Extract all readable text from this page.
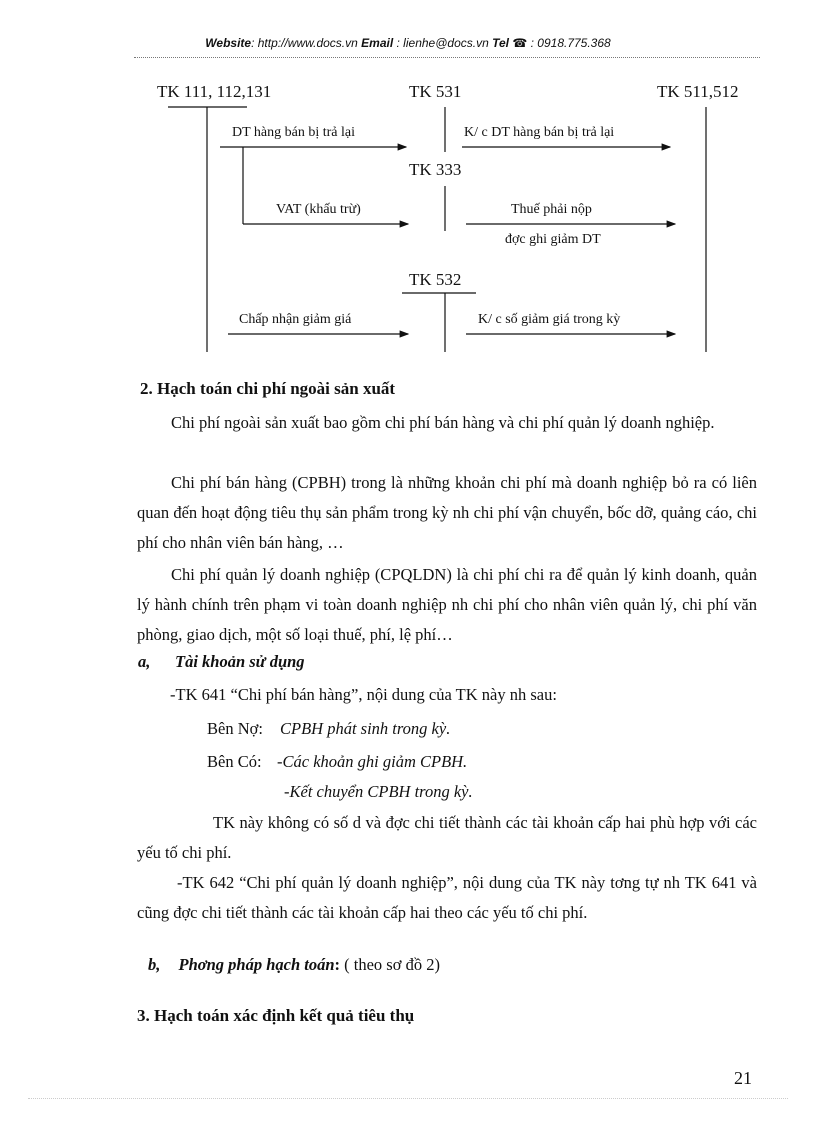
Website: http://www.docs.vn Email : lienhe@docs.vn Tel ☎ : 0918.775.368
TK 111, 112,131	TK 531	TK 511,512
TK 333
TK 532
DT hàng bán bị trả lại	K/ c DT hàng bán bị trả lại
VAT (khấu trừ)	Thuế phải nộp
đợc ghi giảm DT
Chấp nhận giảm giá	K/ c số giảm giá trong kỳ
2. Hạch toán chi phí ngoài sản xuất
Chi phí ngoài sản xuất bao gồm chi phí bán hàng và chi phí quản lý doanh nghiệp.
Chi phí bán hàng (CPBH) trong là những khoản chi phí mà doanh nghiệp bỏ ra có liên quan đến hoạt động tiêu thụ sản phẩm trong kỳ nh chi phí vận chuyển, bốc dỡ, quảng cáo, chi phí cho nhân viên bán hàng, …
Chi phí quản lý doanh nghiệp (CPQLDN) là chi phí chi ra để quản lý kinh doanh, quản lý hành chính trên phạm vi toàn doanh nghiệp nh chi phí cho nhân viên quản lý, chi phí văn phòng, giao dịch, một số loại thuế, phí, lệ phí…
a, Tài khoản sử dụng
-TK 641 “Chi phí bán hàng”, nội dung của TK này nh sau:
Bên Nợ: CPBH phát sinh trong kỳ.
Bên Có: -Các khoản ghi giảm CPBH.
-Kết chuyển CPBH trong kỳ.
TK này không có số d và đợc chi tiết thành các tài khoản cấp hai phù hợp với các yếu tố chi phí.
-TK 642 “Chi phí quản lý doanh nghiệp”, nội dung của TK này tơng tự nh TK 641 và cũng đợc chi tiết thành các tài khoản cấp hai theo các yếu tố chi phí.
b, Phơng pháp hạch toán: ( theo sơ đồ 2)
3. Hạch toán xác định kết quả tiêu thụ
21
